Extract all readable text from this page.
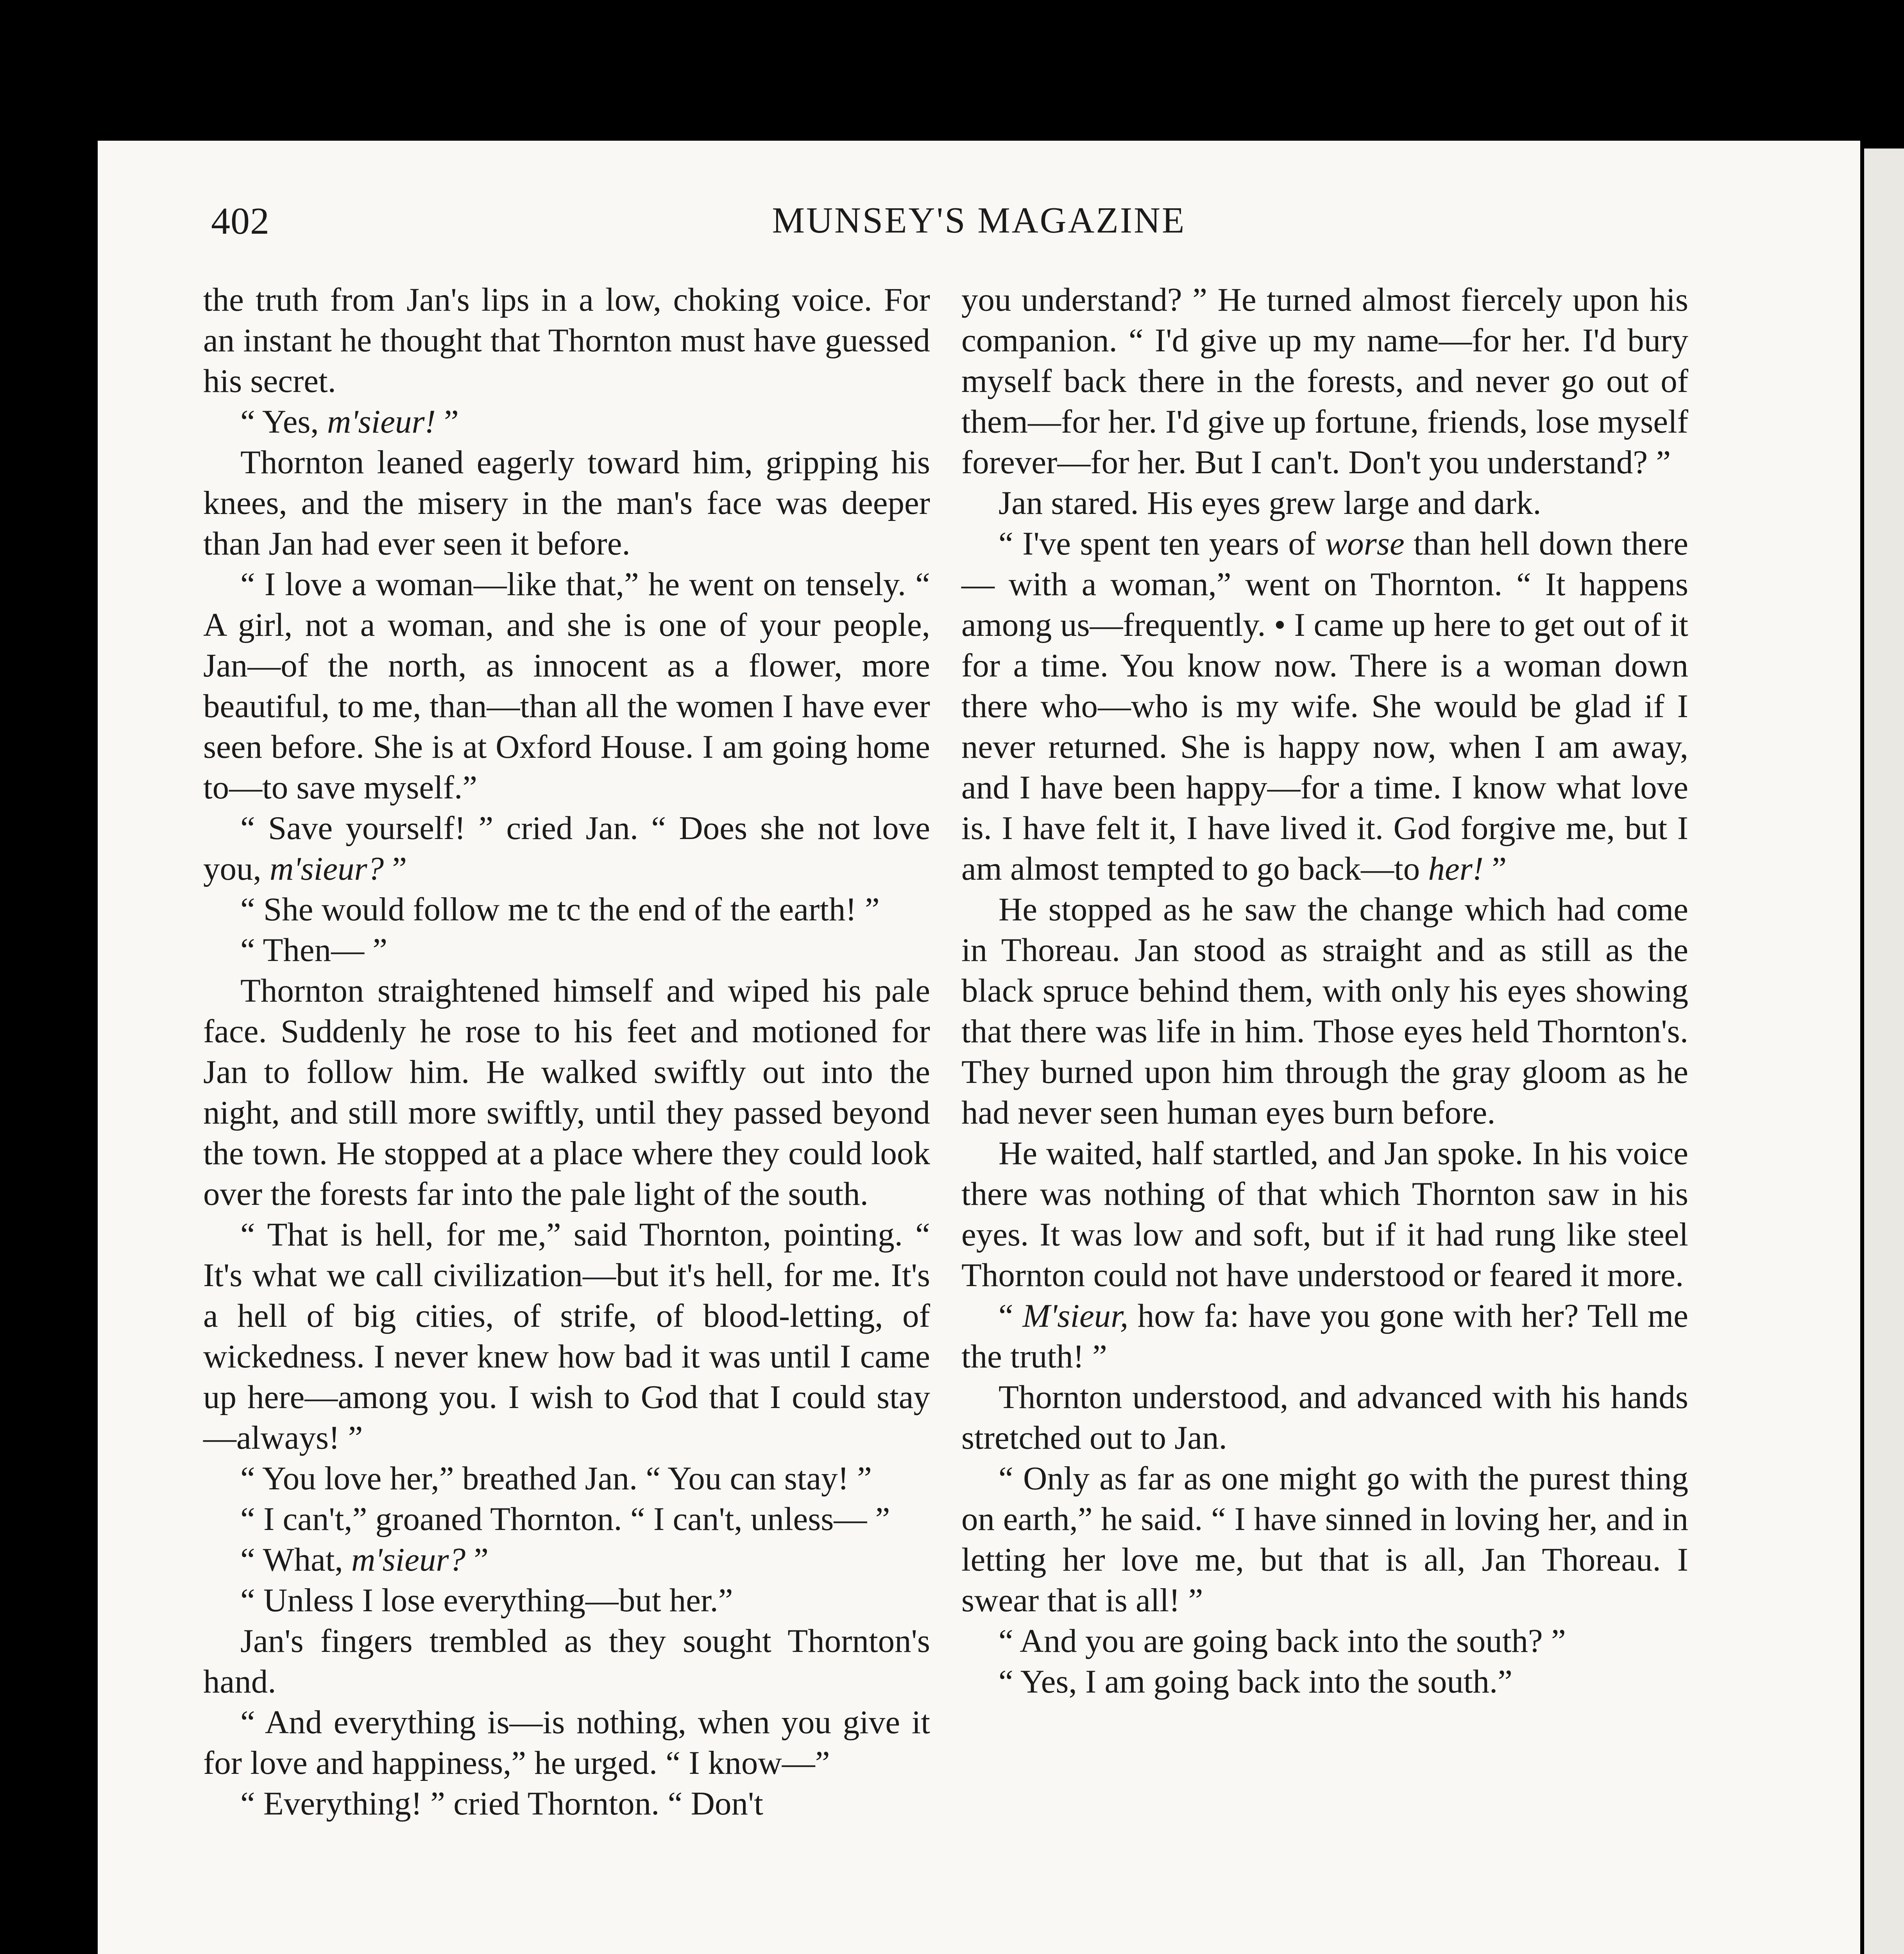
402	MUNSEY'S MAGAZINE

the truth from Jan's lips in a low, choking voice. For an instant he thought that Thornton must have guessed his secret.

“ Yes, m'sieur! ”

Thornton leaned eagerly toward him, gripping his knees, and the misery in the man's face was deeper than Jan had ever seen it before.

“ I love a woman—like that,” he went on tensely. “ A girl, not a woman, and she is one of your people, Jan—of the north, as innocent as a flower, more beautiful, to me, than—than all the women I have ever seen before. She is at Oxford House. I am going home to—to save myself.”

“ Save yourself! ” cried Jan. “ Does she not love you, m'sieur? ”

“ She would follow me tc the end of the earth! ”

“ Then— ”

Thornton straightened himself and wiped his pale face. Suddenly he rose to his feet and motioned for Jan to follow him. He walked swiftly out into the night, and still more swiftly, until they passed beyond the town. He stopped at a place where they could look over the forests far into the pale light of the south.

“ That is hell, for me,” said Thornton, pointing. “ It's what we call civilization—but it's hell, for me. It's a hell of big cities, of strife, of blood-letting, of wickedness. I never knew how bad it was until I came up here—among you. I wish to God that I could stay—always! ”

“ You love her,” breathed Jan. “ You can stay! ”

“ I can't,” groaned Thornton. “ I can't, unless— ”

“ What, m'sieur? ”

“ Unless I lose everything—but her.”

Jan's fingers trembled as they sought Thornton's hand.

“ And everything is—is nothing, when you give it for love and happiness,” he urged. “ I know—”

“ Everything! ” cried Thornton. “ Don't

you understand? ” He turned almost fiercely upon his companion. “ I'd give up my name—for her. I'd bury myself back there in the forests, and never go out of them—for her. I'd give up fortune, friends, lose myself forever—for her. But I can't. Don't you understand? ”

Jan stared. His eyes grew large and dark.

“ I've spent ten years of worse than hell down there — with a woman,” went on Thornton. “ It happens among us—frequently. • I came up here to get out of it for a time. You know now. There is a woman down there who—who is my wife. She would be glad if I never returned. She is happy now, when I am away, and I have been happy—for a time. I know what love is. I have felt it, I have lived it. God forgive me, but I am almost tempted to go back—to her! ”

He stopped as he saw the change which had come in Thoreau. Jan stood as straight and as still as the black spruce behind them, with only his eyes showing that there was life in him. Those eyes held Thornton's. They burned upon him through the gray gloom as he had never seen human eyes burn before.

He waited, half startled, and Jan spoke. In his voice there was nothing of that which Thornton saw in his eyes. It was low and soft, but if it had rung like steel Thornton could not have understood or feared it more.

“ M'sieur, how fa: have you gone with her? Tell me the truth! ”

Thornton understood, and advanced with his hands stretched out to Jan.

“ Only as far as one might go with the purest thing on earth,” he said. “ I have sinned in loving her, and in letting her love me, but that is all, Jan Thoreau. I swear that is all! ”

“ And you are going back into the south? ”

“ Yes, I am going back into the south.”
